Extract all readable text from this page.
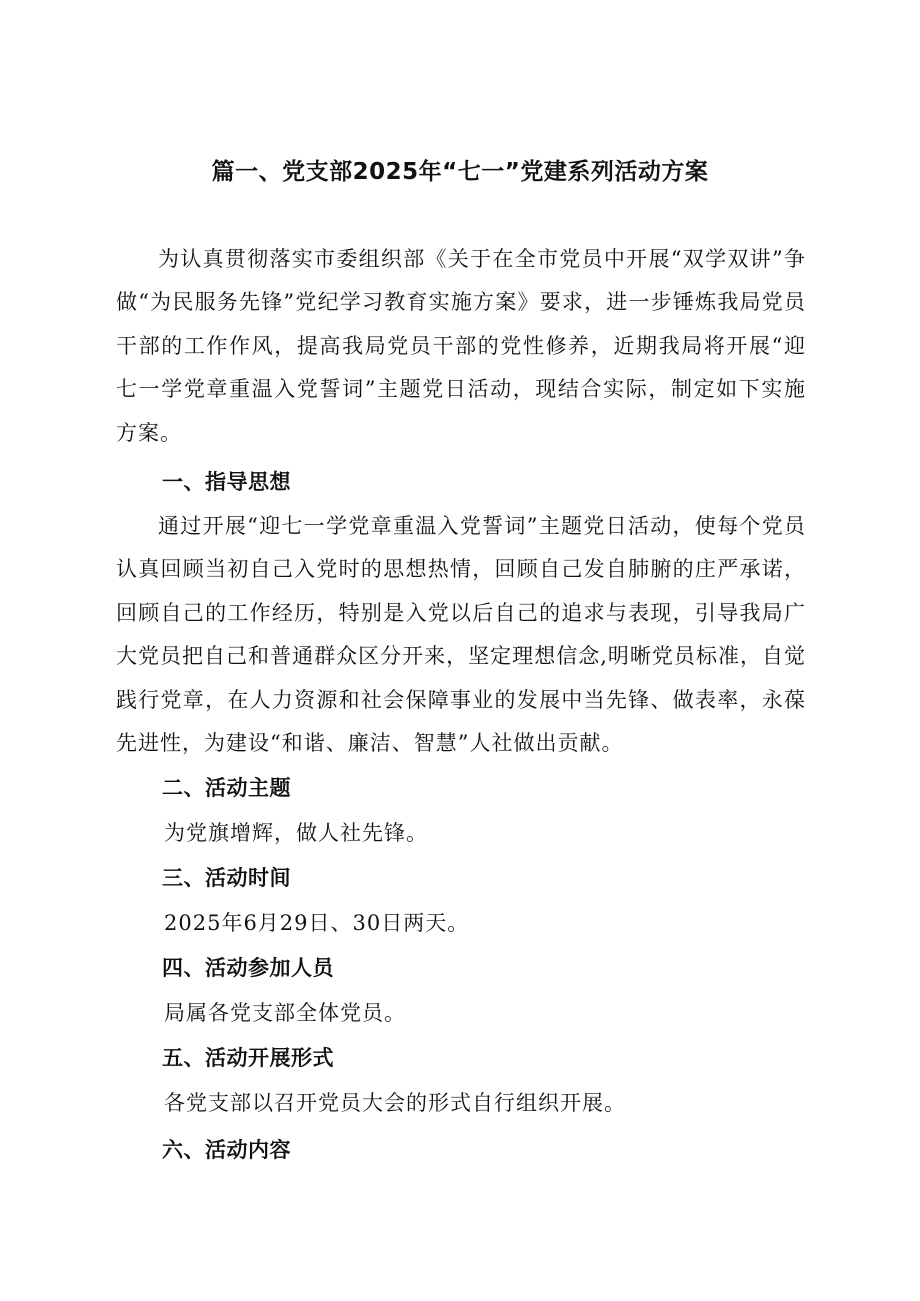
篇一、党支部2025年“七一”党建系列活动方案

为认真贯彻落实市委组织部《关于在全市党员中开展“双学双讲”争做“为民服务先锋”党纪学习教育实施方案》要求，进一步锤炼我局党员干部的工作作风，提高我局党员干部的党性修养，近期我局将开展“迎七一学党章重温入党誓词”主题党日活动，现结合实际，制定如下实施方案。

一、指导思想

通过开展“迎七一学党章重温入党誓词”主题党日活动，使每个党员认真回顾当初自己入党时的思想热情，回顾自己发自肺腑的庄严承诺，回顾自己的工作经历，特别是入党以后自己的追求与表现，引导我局广大党员把自己和普通群众区分开来，坚定理想信念,明晰党员标准，自觉践行党章，在人力资源和社会保障事业的发展中当先锋、做表率，永葆先进性，为建设“和谐、廉洁、智慧”人社做出贡献。

二、活动主题
为党旗增辉，做人社先锋。
三、活动时间
2025年6月29日、30日两天。
四、活动参加人员
局属各党支部全体党员。
五、活动开展形式
各党支部以召开党员大会的形式自行组织开展。
六、活动内容
